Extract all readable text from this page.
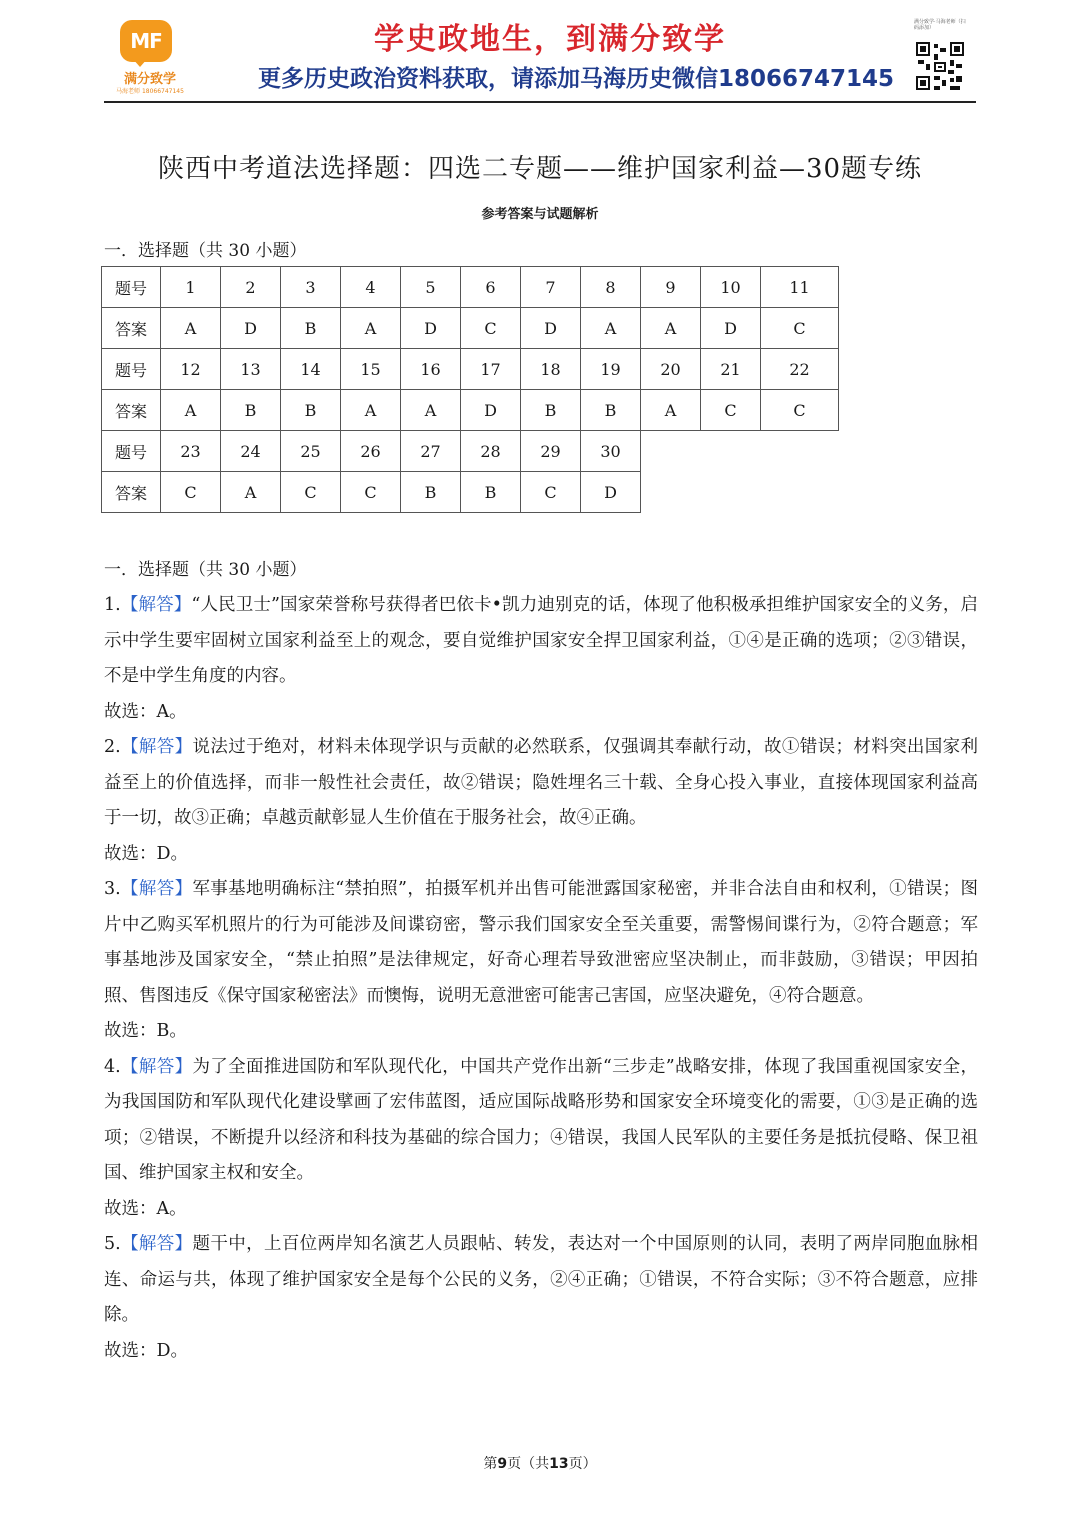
MF
满分致学
马海老师 18066747145
学史政地生，到满分致学
更多历史政治资料获取，请添加马海历史微信18066747145
满分致学·马海老师（扫码添加）
陕西中考道法选择题：四选二专题——维护国家利益—30题专练
参考答案与试题解析
一．选择题（共 30 小题）
题号	1	2	3	4	5	6	7	8	9	10	11
答案	A	D	B	A	D	C	D	A	A	D	C
题号	12	13	14	15	16	17	18	19	20	21	22
答案	A	B	B	A	A	D	B	B	A	C	C
题号	23	24	25	26	27	28	29	30			
答案	C	A	C	C	B	B	C	D			
一．选择题（共 30 小题）
1.【解答】“人民卫士”国家荣誉称号获得者巴依卡•凯力迪别克的话，体现了他积极承担维护国家安全的义务，启示中学生要牢固树立国家利益至上的观念，要自觉维护国家安全捍卫国家利益，①④是正确的选项；②③错误，不是中学生角度的内容。
故选：A。
2.【解答】说法过于绝对，材料未体现学识与贡献的必然联系，仅强调其奉献行动，故①错误；材料突出国家利益至上的价值选择，而非一般性社会责任，故②错误；隐姓埋名三十载、全身心投入事业，直接体现国家利益高于一切，故③正确；卓越贡献彰显人生价值在于服务社会，故④正确。
故选：D。
3.【解答】军事基地明确标注“禁拍照”，拍摄军机并出售可能泄露国家秘密，并非合法自由和权利，①错误；图片中乙购买军机照片的行为可能涉及间谍窃密，警示我们国家安全至关重要，需警惕间谍行为，②符合题意；军事基地涉及国家安全，“禁止拍照”是法律规定，好奇心理若导致泄密应坚决制止，而非鼓励，③错误；甲因拍照、售图违反《保守国家秘密法》而懊悔，说明无意泄密可能害己害国，应坚决避免，④符合题意。
故选：B。
4.【解答】为了全面推进国防和军队现代化，中国共产党作出新“三步走”战略安排，体现了我国重视国家安全，为我国国防和军队现代化建设擘画了宏伟蓝图，适应国际战略形势和国家安全环境变化的需要，①③是正确的选项；②错误，不断提升以经济和科技为基础的综合国力；④错误，我国人民军队的主要任务是抵抗侵略、保卫祖国、维护国家主权和安全。
故选：A。
5.【解答】题干中，上百位两岸知名演艺人员跟帖、转发，表达对一个中国原则的认同，表明了两岸同胞血脉相连、命运与共，体现了维护国家安全是每个公民的义务，②④正确；①错误，不符合实际；③不符合题意，应排除。
故选：D。
第9页（共13页）
